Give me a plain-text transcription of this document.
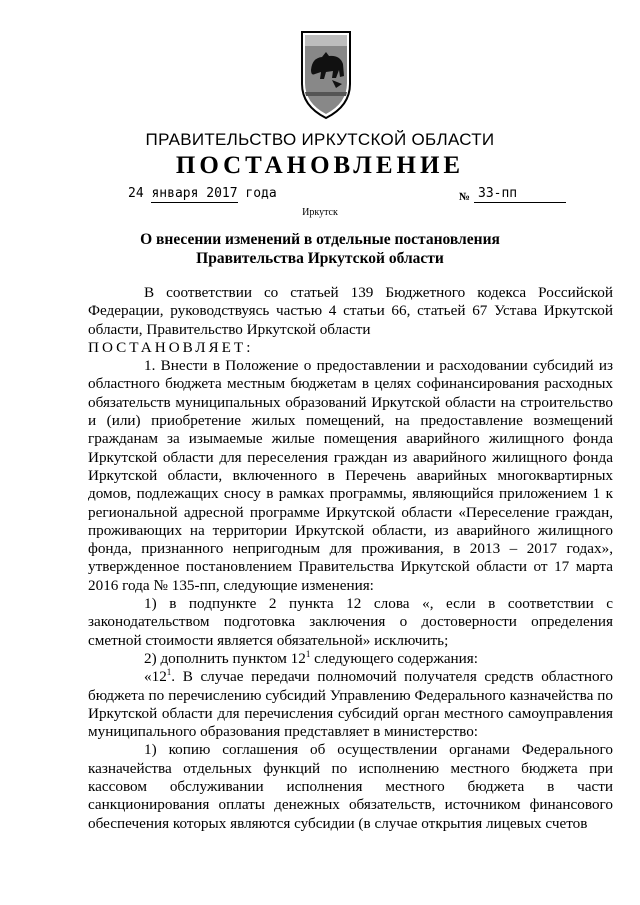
ПРАВИТЕЛЬСТВО ИРКУТСКОЙ ОБЛАСТИ
ПОСТАНОВЛЕНИЕ
24 января 2017 года	№ 33-пп
Иркутск
О внесении изменений в отдельные постановления Правительства Иркутской области

В соответствии со статьей 139 Бюджетного кодекса Российской Федерации, руководствуясь частью 4 статьи 66, статьей 67 Устава Иркутской области, Правительство Иркутской области

ПОСТАНОВЛЯЕТ:

1. Внести в Положение о предоставлении и расходовании субсидий из областного бюджета местным бюджетам в целях софинансирования расходных обязательств муниципальных образований Иркутской области на строительство и (или) приобретение жилых помещений, на предоставление возмещений гражданам за изымаемые жилые помещения аварийного жилищного фонда Иркутской области для переселения граждан из аварийного жилищного фонда Иркутской области, включенного в Перечень аварийных многоквартирных домов, подлежащих сносу в рамках программы, являющийся приложением 1 к региональной адресной программе Иркутской области «Переселение граждан, проживающих на территории Иркутской области, из аварийного жилищного фонда, признанного непригодным для проживания, в 2013 – 2017 годах», утвержденное постановлением Правительства Иркутской области от 17 марта 2016 года № 135-пп, следующие изменения:

1) в подпункте 2 пункта 12 слова «, если в соответствии с законодательством подготовка заключения о достоверности определения сметной стоимости является обязательной» исключить;

2) дополнить пунктом $12^1$ следующего содержания:

«$12^1$. В случае передачи полномочий получателя средств областного бюджета по перечислению субсидий Управлению Федерального казначейства по Иркутской области для перечисления субсидий орган местного самоуправления муниципального образования представляет в министерство:

1) копию соглашения об осуществлении органами Федерального казначейства отдельных функций по исполнению местного бюджета при кассовом обслуживании исполнения местного бюджета в части санкционирования оплаты денежных обязательств, источником финансового обеспечения которых являются субсидии (в случае открытия лицевых счетов
